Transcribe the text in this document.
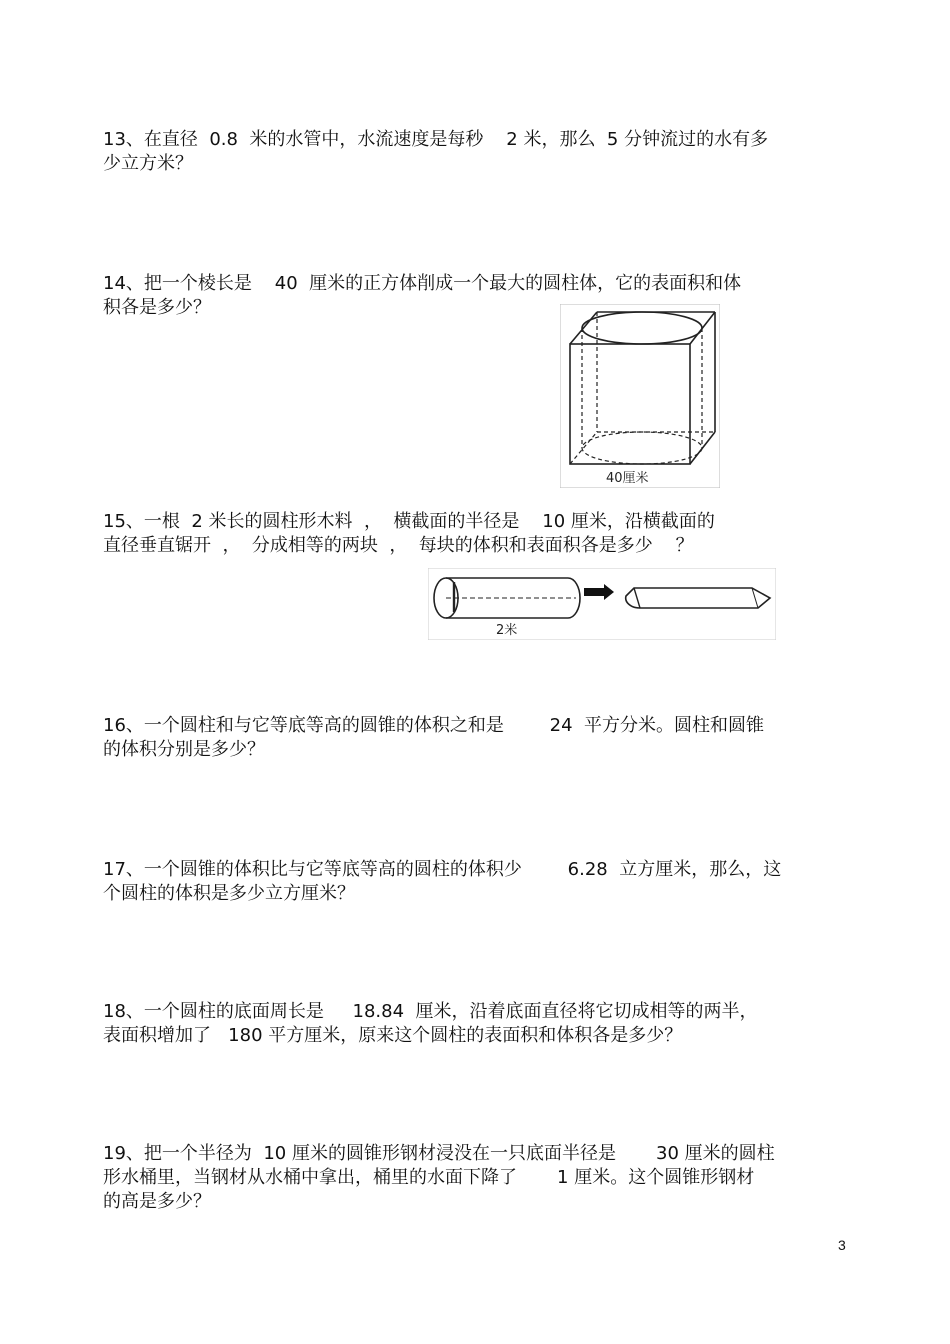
13、在直径  0.8  米的水管中，水流速度是每秒    2 米，那么  5 分钟流过的水有多
少立方米？
14、把一个棱长是    40  厘米的正方体削成一个最大的圆柱体，它的表面积和体
积各是多少？
40厘米
15、一根  2 米长的圆柱形木料  ，  横截面的半径是    10 厘米，沿横截面的
直径垂直锯开  ，  分成相等的两块  ，  每块的体积和表面积各是多少    ？
2米
16、一个圆柱和与它等底等高的圆锥的体积之和是        24  平方分米。圆柱和圆锥
的体积分别是多少？
17、一个圆锥的体积比与它等底等高的圆柱的体积少        6.28  立方厘米，那么，这
个圆柱的体积是多少立方厘米？
18、一个圆柱的底面周长是     18.84  厘米，沿着底面直径将它切成相等的两半，
表面积增加了   180 平方厘米，原来这个圆柱的表面积和体积各是多少？
19、把一个半径为  10 厘米的圆锥形钢材浸没在一只底面半径是       30 厘米的圆柱
形水桶里，当钢材从水桶中拿出，桶里的水面下降了       1 厘米。这个圆锥形钢材
的高是多少？
3
